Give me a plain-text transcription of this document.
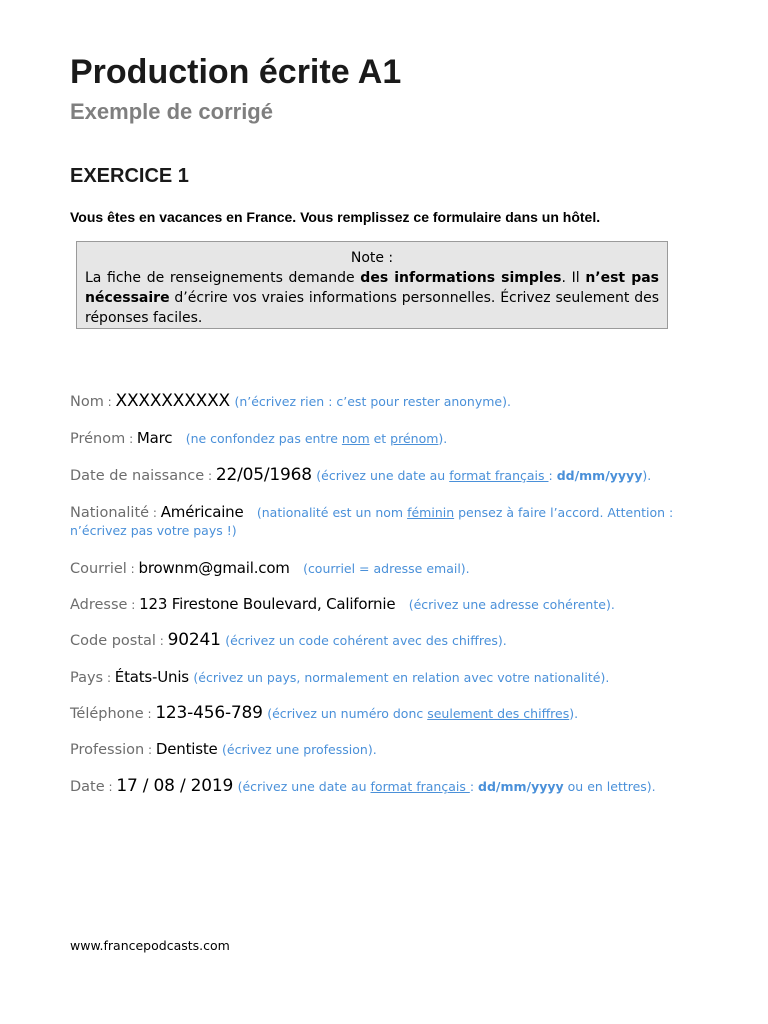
Production écrite A1
Exemple de corrigé
EXERCICE 1
Vous êtes en vacances en France. Vous remplissez ce formulaire dans un hôtel.
Note :
La fiche de renseignements demande des informations simples. Il n’est pas nécessaire d’écrire vos vraies informations personnelles. Écrivez seulement des réponses faciles.
Nom : XXXXXXXXXX (n’écrivez rien : c’est pour rester anonyme).
Prénom : Marc (ne confondez pas entre nom et prénom).
Date de naissance : 22/05/1968 (écrivez une date au format français : dd/mm/yyyy).
Nationalité : Américaine (nationalité est un nom féminin pensez à faire l’accord. Attention : n’écrivez pas votre pays !)
Courriel : brownm@gmail.com (courriel = adresse email).
Adresse : 123 Firestone Boulevard, Californie (écrivez une adresse cohérente).
Code postal : 90241 (écrivez un code cohérent avec des chiffres).
Pays : États-Unis (écrivez un pays, normalement en relation avec votre nationalité).
Téléphone : 123-456-789 (écrivez un numéro donc seulement des chiffres).
Profession : Dentiste (écrivez une profession).
Date : 17 / 08 / 2019 (écrivez une date au format français : dd/mm/yyyy ou en lettres).
www.francepodcasts.com
